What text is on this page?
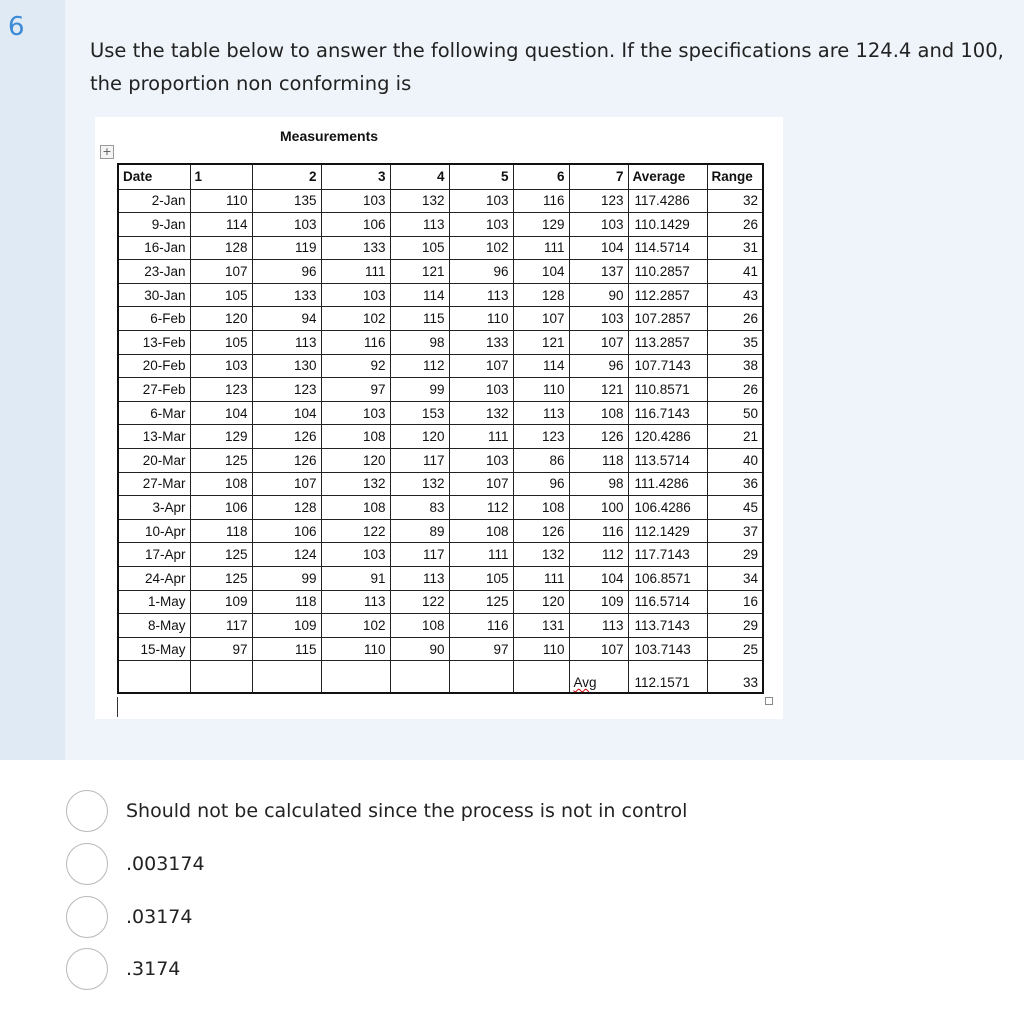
6
Use the table below to answer the following question. If the specifications are 124.4 and 100, the proportion non conforming is
Measurements
+
Date	1	2	3	4	5	6	7	Average	Range
2-Jan	110	135	103	132	103	116	123	117.4286	32
9-Jan	114	103	106	113	103	129	103	110.1429	26
16-Jan	128	119	133	105	102	111	104	114.5714	31
23-Jan	107	96	111	121	96	104	137	110.2857	41
30-Jan	105	133	103	114	113	128	90	112.2857	43
6-Feb	120	94	102	115	110	107	103	107.2857	26
13-Feb	105	113	116	98	133	121	107	113.2857	35
20-Feb	103	130	92	112	107	114	96	107.7143	38
27-Feb	123	123	97	99	103	110	121	110.8571	26
6-Mar	104	104	103	153	132	113	108	116.7143	50
13-Mar	129	126	108	120	111	123	126	120.4286	21
20-Mar	125	126	120	117	103	86	118	113.5714	40
27-Mar	108	107	132	132	107	96	98	111.4286	36
3-Apr	106	128	108	83	112	108	100	106.4286	45
10-Apr	118	106	122	89	108	126	116	112.1429	37
17-Apr	125	124	103	117	111	132	112	117.7143	29
24-Apr	125	99	91	113	105	111	104	106.8571	34
1-May	109	118	113	122	125	120	109	116.5714	16
8-May	117	109	102	108	116	131	113	113.7143	29
15-May	97	115	110	90	97	110	107	103.7143	25
							Avg	112.1571	33
Should not be calculated since the process is not in control
.003174
.03174
.3174
